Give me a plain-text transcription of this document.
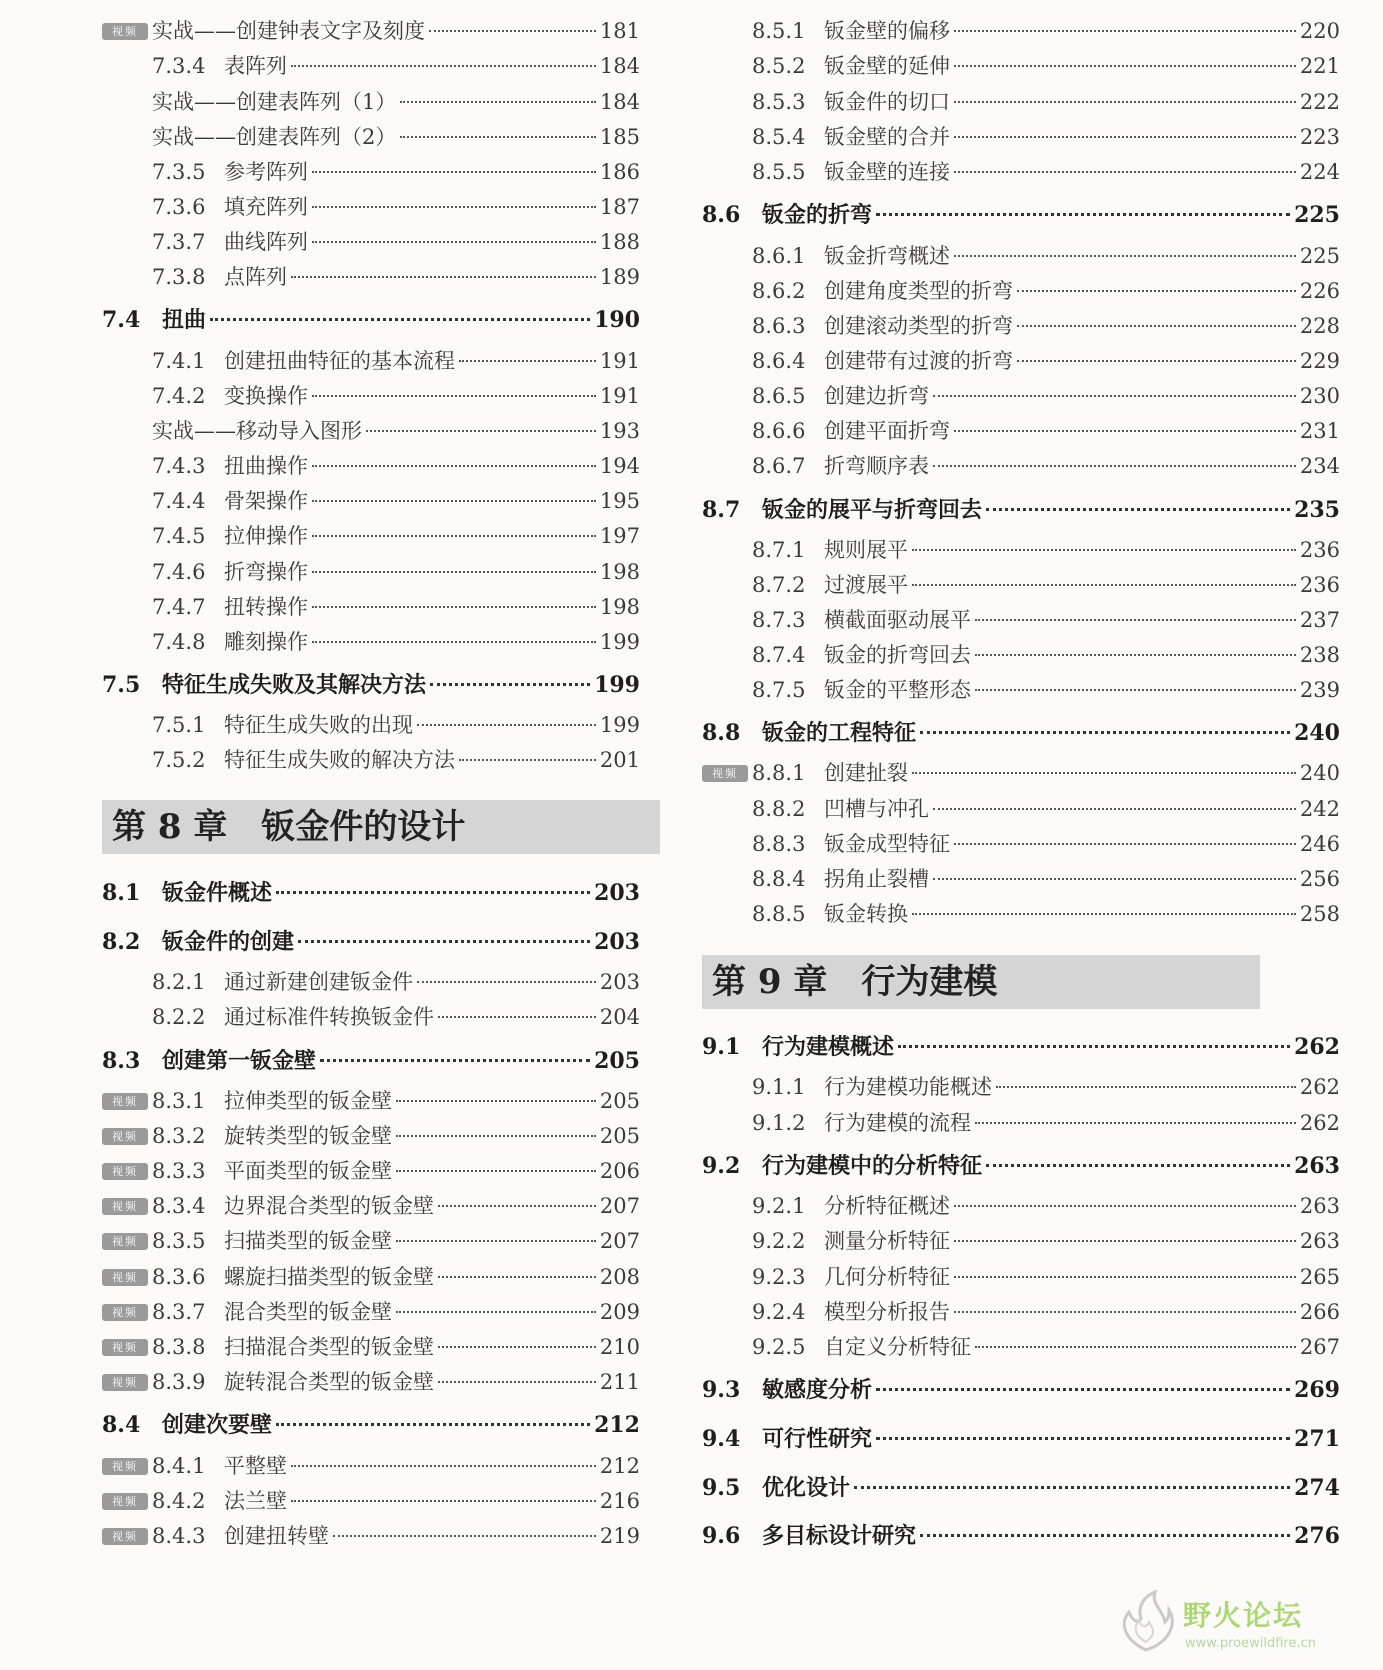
实战——创建钟表文字及刻度	181
视频
7.3.4 表阵列	184
实战——创建表阵列（1）	184
实战——创建表阵列（2）	185
7.3.5 参考阵列	186
7.3.6 填充阵列	187
7.3.7 曲线阵列	188
7.3.8 点阵列	189
7.4 扭曲	190
7.4.1 创建扭曲特征的基本流程	191
7.4.2 变换操作	191
实战——移动导入图形	193
7.4.3 扭曲操作	194
7.4.4 骨架操作	195
7.4.5 拉伸操作	197
7.4.6 折弯操作	198
7.4.7 扭转操作	198
7.4.8 雕刻操作	199
7.5 特征生成失败及其解决方法	199
7.5.1 特征生成失败的出现	199
7.5.2 特征生成失败的解决方法	201
8.1 钣金件概述	203
8.2 钣金件的创建	203
8.2.1 通过新建创建钣金件	203
8.2.2 通过标准件转换钣金件	204
8.3 创建第一钣金壁	205
8.3.1 拉伸类型的钣金壁	205
视频
8.3.2 旋转类型的钣金壁	205
视频
8.3.3 平面类型的钣金壁	206
视频
8.3.4 边界混合类型的钣金壁	207
视频
8.3.5 扫描类型的钣金壁	207
视频
8.3.6 螺旋扫描类型的钣金壁	208
视频
8.3.7 混合类型的钣金壁	209
视频
8.3.8 扫描混合类型的钣金壁	210
视频
8.3.9 旋转混合类型的钣金壁	211
视频
8.4 创建次要壁	212
8.4.1 平整壁	212
视频
8.4.2 法兰壁	216
视频
8.4.3 创建扭转壁	219
视频
8.5.1 钣金壁的偏移	220
8.5.2 钣金壁的延伸	221
8.5.3 钣金件的切口	222
8.5.4 钣金壁的合并	223
8.5.5 钣金壁的连接	224
8.6 钣金的折弯	225
8.6.1 钣金折弯概述	225
8.6.2 创建角度类型的折弯	226
8.6.3 创建滚动类型的折弯	228
8.6.4 创建带有过渡的折弯	229
8.6.5 创建边折弯	230
8.6.6 创建平面折弯	231
8.6.7 折弯顺序表	234
8.7 钣金的展平与折弯回去	235
8.7.1 规则展平	236
8.7.2 过渡展平	236
8.7.3 横截面驱动展平	237
8.7.4 钣金的折弯回去	238
8.7.5 钣金的平整形态	239
8.8 钣金的工程特征	240
8.8.1 创建扯裂	240
视频
8.8.2 凹槽与冲孔	242
8.8.3 钣金成型特征	246
8.8.4 拐角止裂槽	256
8.8.5 钣金转换	258
9.1 行为建模概述	262
9.1.1 行为建模功能概述	262
9.1.2 行为建模的流程	262
9.2 行为建模中的分析特征	263
9.2.1 分析特征概述	263
9.2.2 测量分析特征	263
9.2.3 几何分析特征	265
9.2.4 模型分析报告	266
9.2.5 自定义分析特征	267
9.3 敏感度分析	269
9.4 可行性研究	271
9.5 优化设计	274
9.6 多目标设计研究	276
第 8 章 钣金件的设计
第 9 章 行为建模
野火论坛
www.proewildfire.cn
